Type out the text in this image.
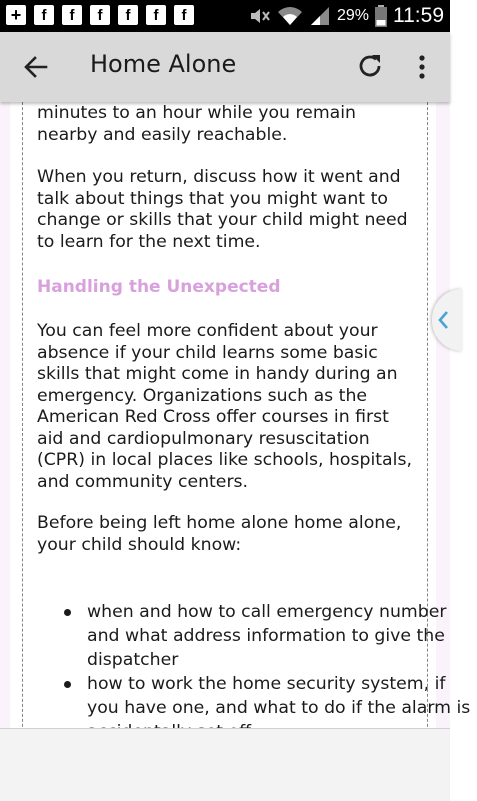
+	f	f	f	f	f	f	29% 11:59
Home Alone

minutes to an hour while you remain nearby and easily reachable.

When you return, discuss how it went and talk about things that you might want to change or skills that your child might need to learn for the next time.

Handling the Unexpected

You can feel more confident about your absence if your child learns some basic skills that might come in handy during an emergency. Organizations such as the American Red Cross offer courses in first aid and cardiopulmonary resuscitation (CPR) in local places like schools, hospitals, and community centers.

Before being left home alone home alone, your child should know:

when and how to call emergency number and what address information to give the dispatcher
how to work the home security system, if you have one, and what to do if the alarm is
